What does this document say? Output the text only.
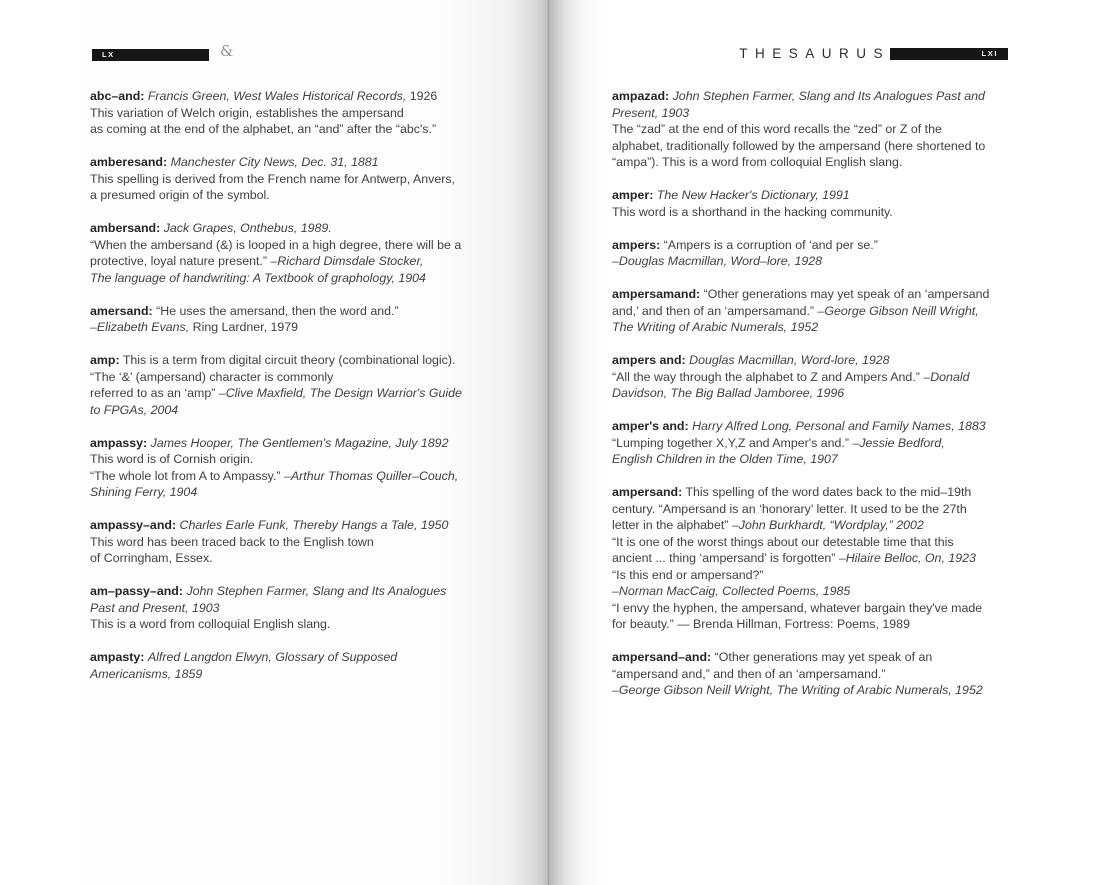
LX	&
abc–and: Francis Green, West Wales Historical Records, 1926
This variation of Welch origin, establishes the ampersand
as coming at the end of the alphabet, an “and” after the “abc's.”
amberesand: Manchester City News, Dec. 31, 1881
This spelling is derived from the French name for Antwerp, Anvers,
a presumed origin of the symbol.
ambersand: Jack Grapes, Onthebus, 1989.
“When the ambersand (&) is looped in a high degree, there will be a
protective, loyal nature present.” –Richard Dimsdale Stocker,
The language of handwriting: A Textbook of graphology, 1904
amersand: “He uses the amersand, then the word and.”
–Elizabeth Evans, Ring Lardner, 1979
amp: This is a term from digital circuit theory (combinational logic).
“The ‘&’ (ampersand) character is commonly
referred to as an ‘amp” –Clive Maxfield, The Design Warrior's Guide
to FPGAs, 2004
ampassy: James Hooper, The Gentlemen's Magazine, July 1892
This word is of Cornish origin.
“The whole lot from A to Ampassy.” –Arthur Thomas Quiller–Couch,
Shining Ferry, 1904
ampassy–and: Charles Earle Funk, Thereby Hangs a Tale, 1950
This word has been traced back to the English town
of Corringham, Essex.
am–passy–and: John Stephen Farmer, Slang and Its Analogues
Past and Present, 1903
This is a word from colloquial English slang.
ampasty: Alfred Langdon Elwyn, Glossary of Supposed
Americanisms, 1859
THESAURUS	LXI
ampazad: John Stephen Farmer, Slang and Its Analogues Past and
Present, 1903
The “zad” at the end of this word recalls the “zed” or Z of the
alphabet, traditionally followed by the ampersand (here shortened to
“ampa”). This is a word from colloquial English slang.
amper: The New Hacker's Dictionary, 1991
This word is a shorthand in the hacking community.
ampers: “Ampers is a corruption of ‘and per se.”
–Douglas Macmillan, Word–lore, 1928
ampersamand: “Other generations may yet speak of an ‘ampersand
and,’ and then of an ‘ampersamand.” –George Gibson Neill Wright,
The Writing of Arabic Numerals, 1952
ampers and: Douglas Macmillan, Word-lore, 1928
“All the way through the alphabet to Z and Ampers And.” –Donald
Davidson, The Big Ballad Jamboree, 1996
amper's and: Harry Alfred Long, Personal and Family Names, 1883
“Lumping together X,Y,Z and Amper's and.” –Jessie Bedford,
English Children in the Olden Time, 1907
ampersand: This spelling of the word dates back to the mid–19th
century. “Ampersand is an ‘honorary’ letter. It used to be the 27th
letter in the alphabet” –John Burkhardt, “Wordplay,” 2002
“It is one of the worst things about our detestable time that this
ancient ... thing ‘ampersand’ is forgotten” –Hilaire Belloc, On, 1923
“Is this end or ampersand?”
–Norman MacCaig, Collected Poems, 1985
“I envy the hyphen, the ampersand, whatever bargain they've made
for beauty.” — Brenda Hillman, Fortress: Poems, 1989
ampersand–and: “Other generations may yet speak of an
“ampersand and,” and then of an ‘ampersamand.”
–George Gibson Neill Wright, The Writing of Arabic Numerals, 1952
